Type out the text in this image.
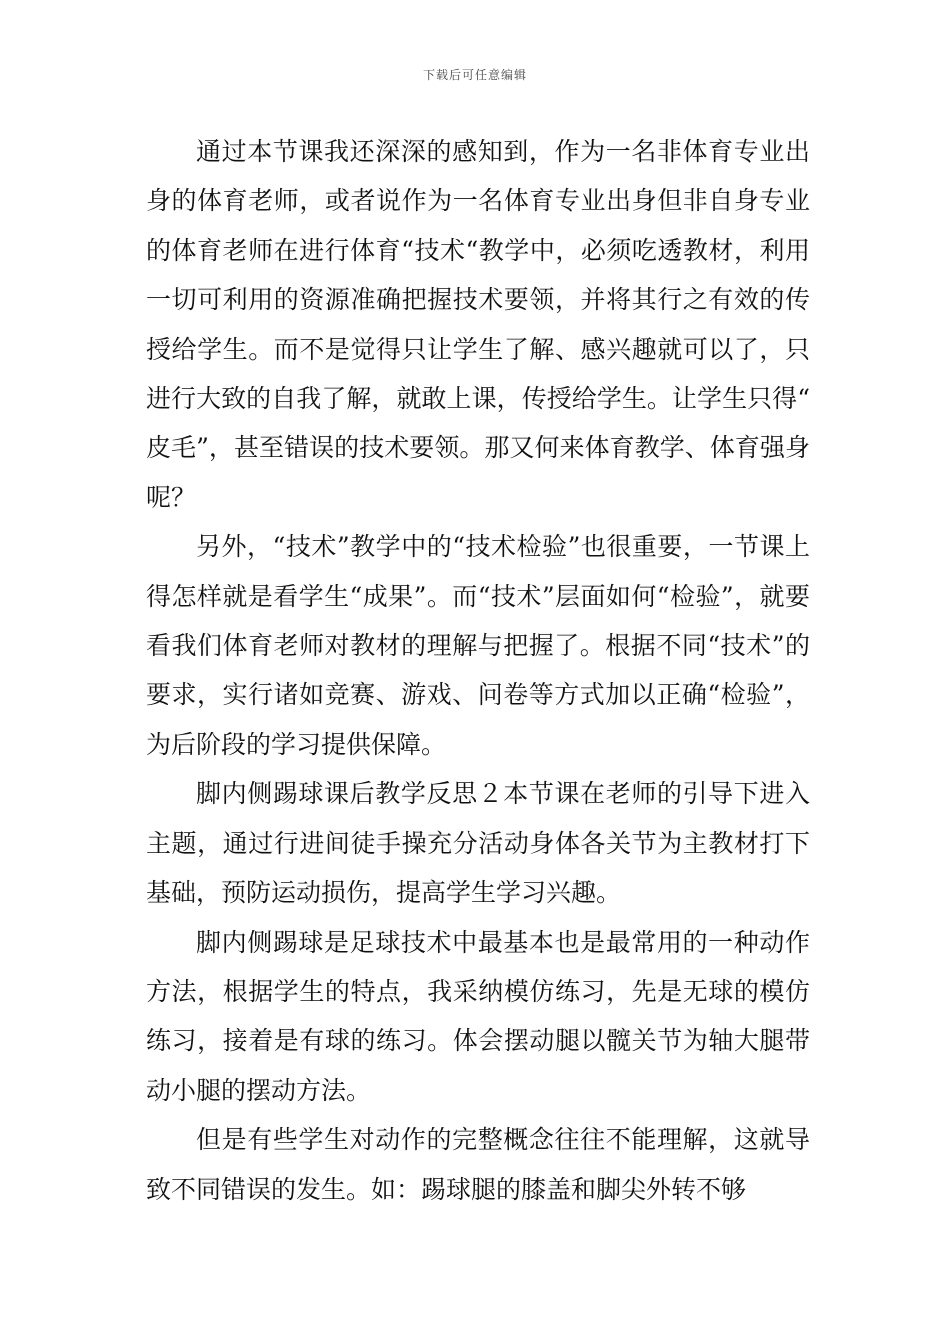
下载后可任意编辑

通过本节课我还深深的感知到，作为一名非体育专业出身的体育老师，或者说作为一名体育专业出身但非自身专业的体育老师在进行体育“技术“教学中，必须吃透教材，利用一切可利用的资源准确把握技术要领，并将其行之有效的传授给学生。而不是觉得只让学生了解、感兴趣就可以了，只进行大致的自我了解，就敢上课，传授给学生。让学生只得“皮毛”，甚至错误的技术要领。那又何来体育教学、体育强身呢？

另外，“技术”教学中的“技术检验”也很重要，一节课上得怎样就是看学生“成果”。而“技术”层面如何“检验”，就要看我们体育老师对教材的理解与把握了。根据不同“技术”的要求，实行诸如竞赛、游戏、问卷等方式加以正确“检验”，为后阶段的学习提供保障。

脚内侧踢球课后教学反思２本节课在老师的引导下进入主题，通过行进间徒手操充分活动身体各关节为主教材打下基础，预防运动损伤，提高学生学习兴趣。

脚内侧踢球是足球技术中最基本也是最常用的一种动作方法，根据学生的特点，我采纳模仿练习，先是无球的模仿练习，接着是有球的练习。体会摆动腿以髋关节为轴大腿带动小腿的摆动方法。

但是有些学生对动作的完整概念往往不能理解，这就导致不同错误的发生。如：踢球腿的膝盖和脚尖外转不够
